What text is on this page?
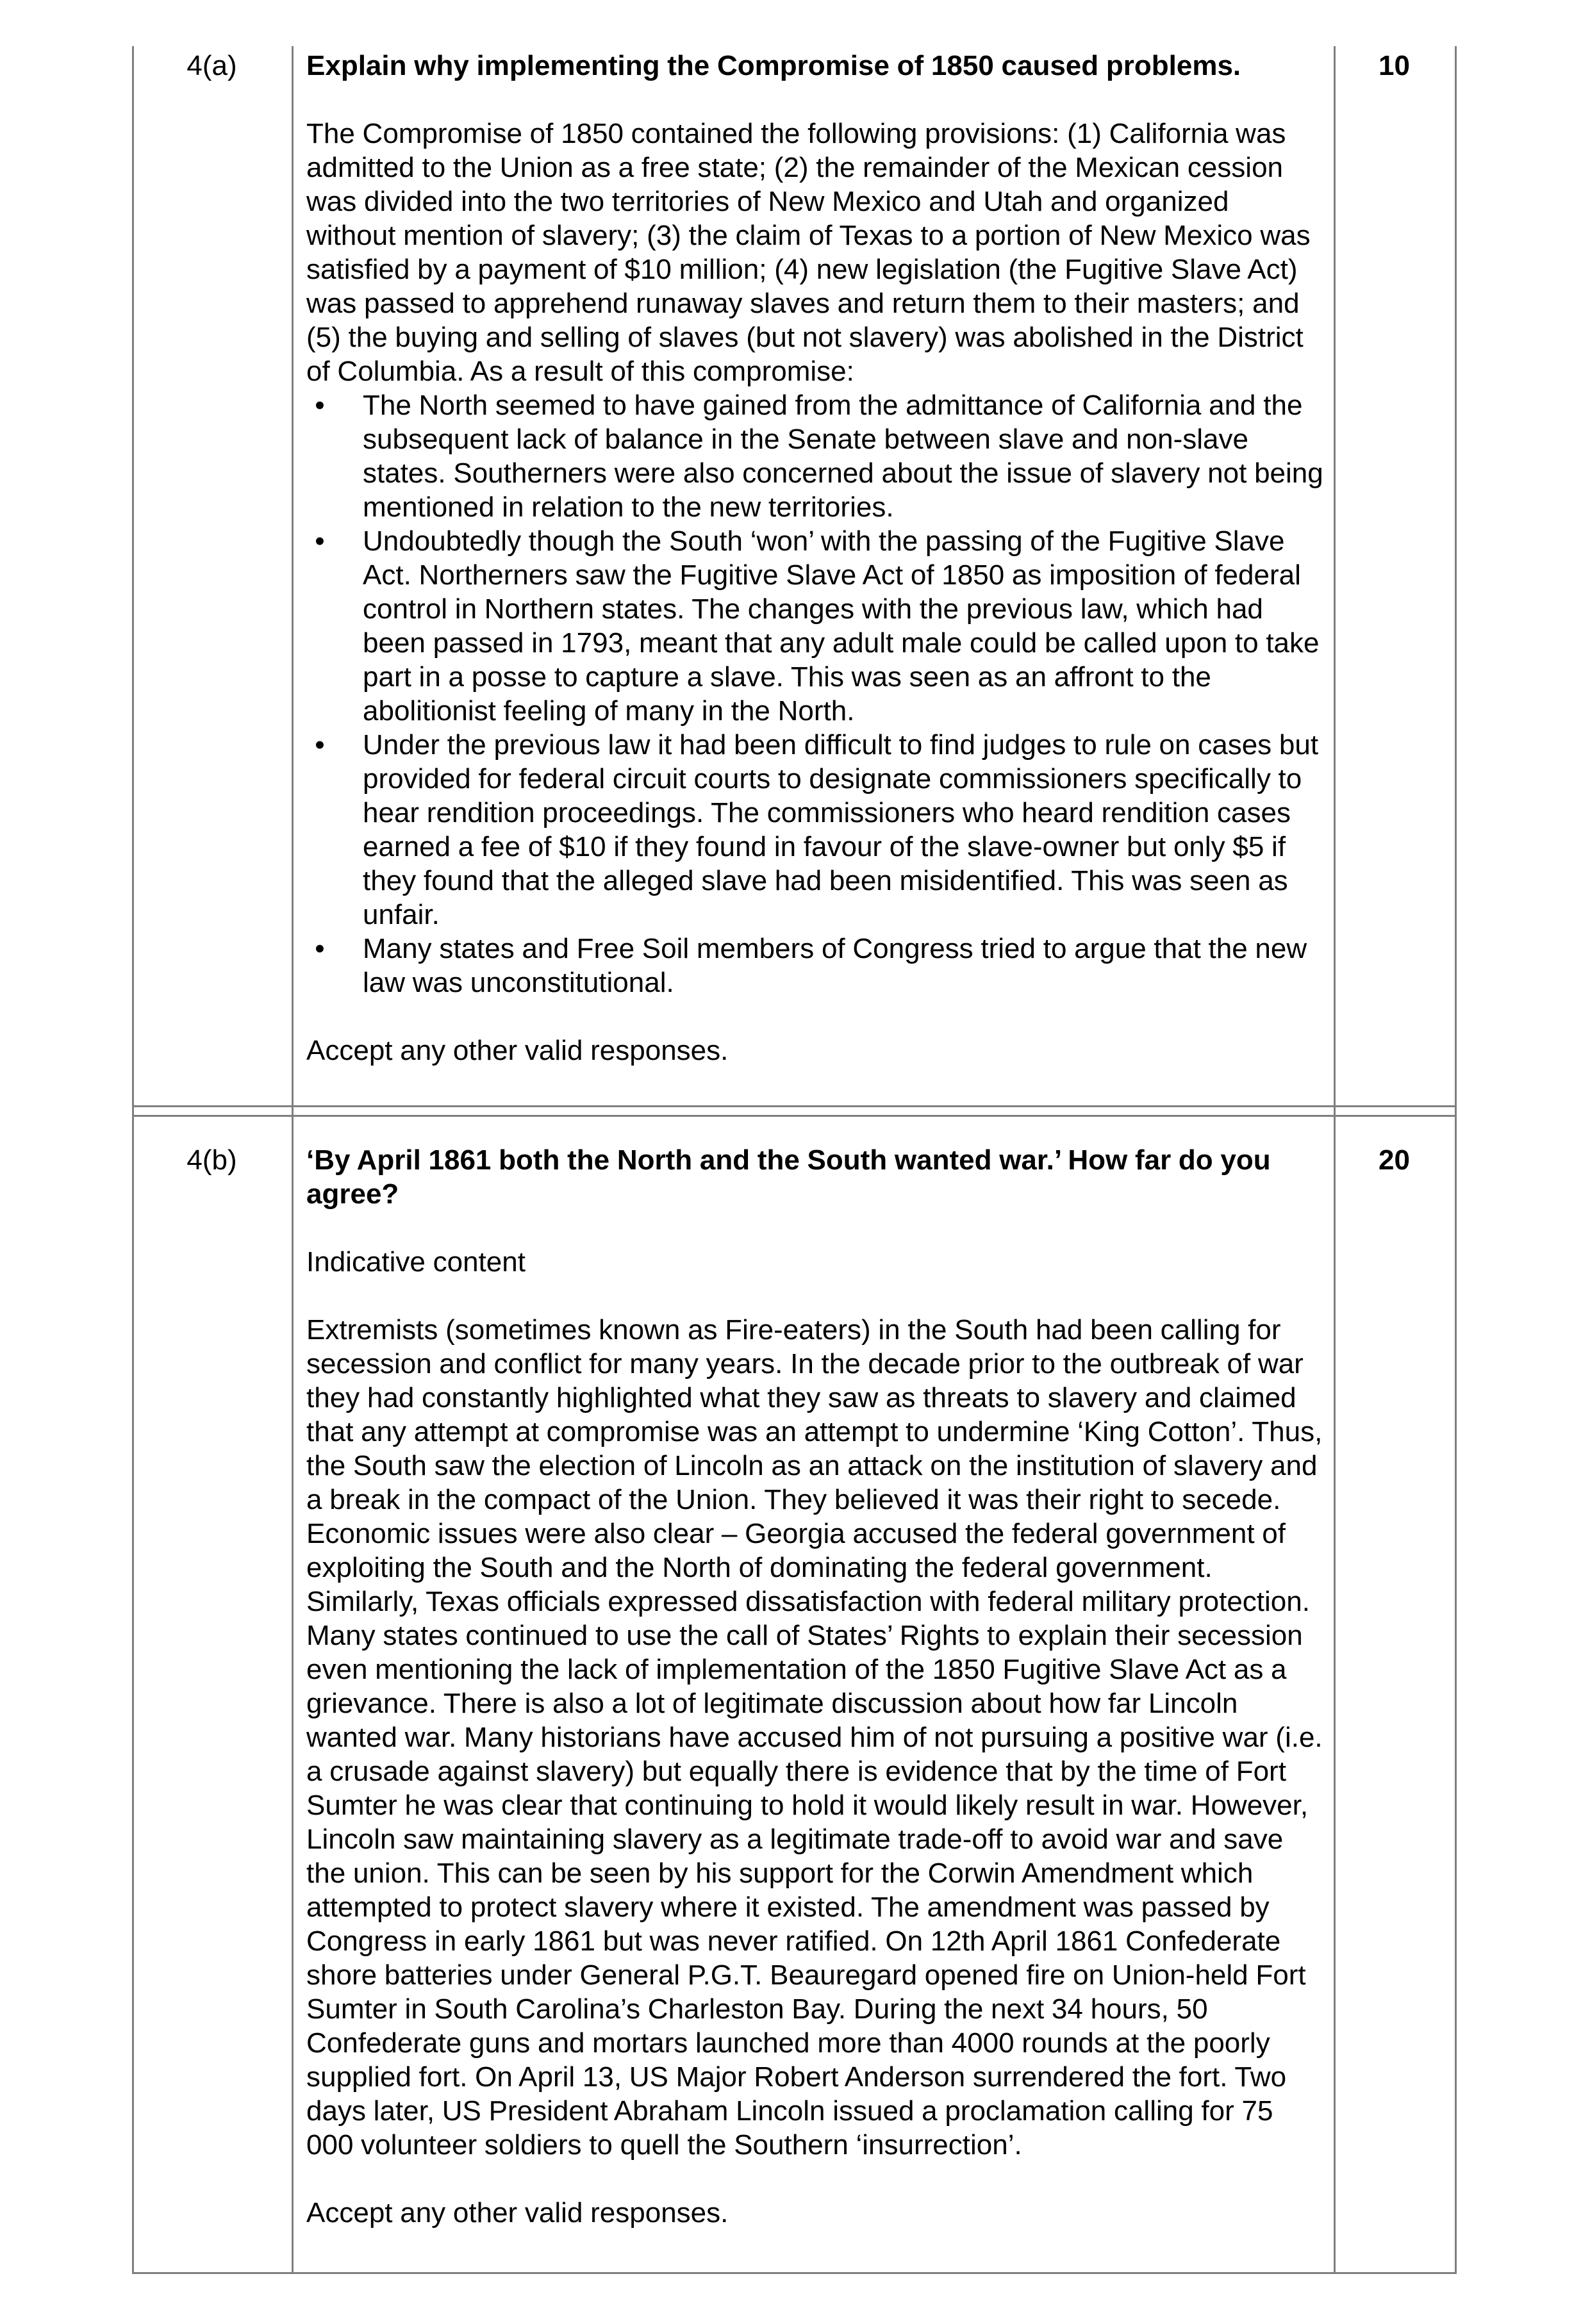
4(a)	10

Explain why implementing the Compromise of 1850 caused problems.

The Compromise of 1850 contained the following provisions: (1) California was admitted to the Union as a free state; (2) the remainder of the Mexican cession was divided into the two territories of New Mexico and Utah and organized without mention of slavery; (3) the claim of Texas to a portion of New Mexico was satisfied by a payment of $10 million; (4) new legislation (the Fugitive Slave Act) was passed to apprehend runaway slaves and return them to their masters; and (5) the buying and selling of slaves (but not slavery) was abolished in the District of Columbia. As a result of this compromise:

• The North seemed to have gained from the admittance of California and the subsequent lack of balance in the Senate between slave and non-slave states. Southerners were also concerned about the issue of slavery not being mentioned in relation to the new territories.
• Undoubtedly though the South ‘won’ with the passing of the Fugitive Slave Act. Northerners saw the Fugitive Slave Act of 1850 as imposition of federal control in Northern states. The changes with the previous law, which had been passed in 1793, meant that any adult male could be called upon to take part in a posse to capture a slave. This was seen as an affront to the abolitionist feeling of many in the North.
• Under the previous law it had been difficult to find judges to rule on cases but provided for federal circuit courts to designate commissioners specifically to hear rendition proceedings. The commissioners who heard rendition cases earned a fee of $10 if they found in favour of the slave-owner but only $5 if they found that the alleged slave had been misidentified. This was seen as unfair.
• Many states and Free Soil members of Congress tried to argue that the new law was unconstitutional.

Accept any other valid responses.

4(b)	20

‘By April 1861 both the North and the South wanted war.’ How far do you agree?

Indicative content

Extremists (sometimes known as Fire-eaters) in the South had been calling for secession and conflict for many years. In the decade prior to the outbreak of war they had constantly highlighted what they saw as threats to slavery and claimed that any attempt at compromise was an attempt to undermine ‘King Cotton’. Thus, the South saw the election of Lincoln as an attack on the institution of slavery and a break in the compact of the Union. They believed it was their right to secede. Economic issues were also clear – Georgia accused the federal government of exploiting the South and the North of dominating the federal government. Similarly, Texas officials expressed dissatisfaction with federal military protection. Many states continued to use the call of States’ Rights to explain their secession even mentioning the lack of implementation of the 1850 Fugitive Slave Act as a grievance. There is also a lot of legitimate discussion about how far Lincoln wanted war. Many historians have accused him of not pursuing a positive war (i.e. a crusade against slavery) but equally there is evidence that by the time of Fort Sumter he was clear that continuing to hold it would likely result in war. However, Lincoln saw maintaining slavery as a legitimate trade-off to avoid war and save the union. This can be seen by his support for the Corwin Amendment which attempted to protect slavery where it existed. The amendment was passed by Congress in early 1861 but was never ratified. On 12th April 1861 Confederate shore batteries under General P.G.T. Beauregard opened fire on Union-held Fort Sumter in South Carolina’s Charleston Bay. During the next 34 hours, 50 Confederate guns and mortars launched more than 4000 rounds at the poorly supplied fort. On April 13, US Major Robert Anderson surrendered the fort. Two days later, US President Abraham Lincoln issued a proclamation calling for 75 000 volunteer soldiers to quell the Southern ‘insurrection’.

Accept any other valid responses.
